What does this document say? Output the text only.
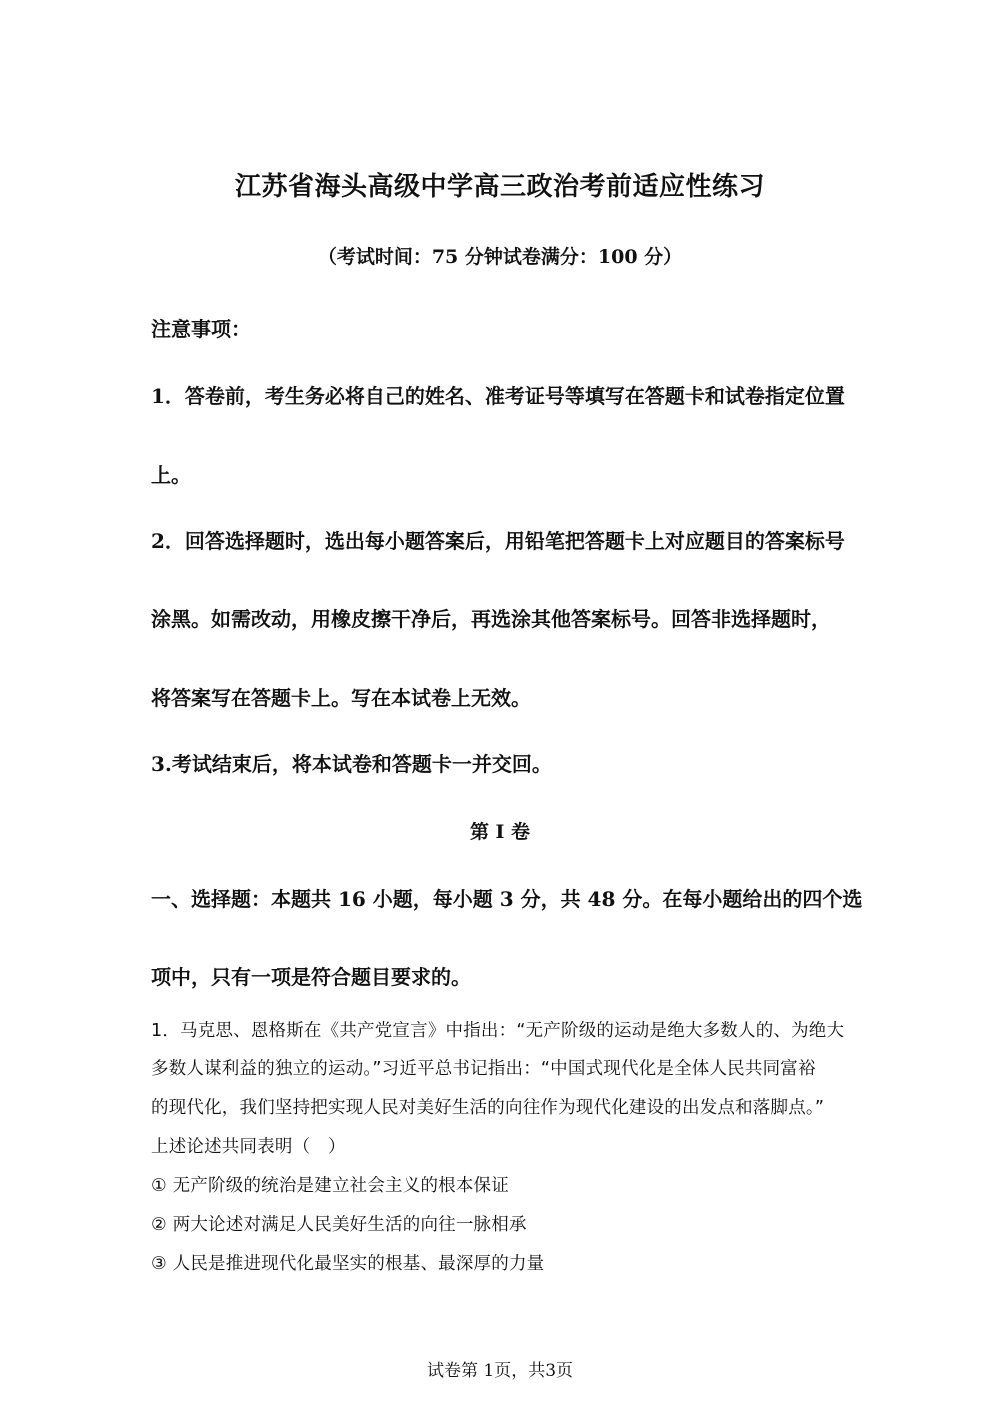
江苏省海头高级中学高三政治考前适应性练习
（考试时间：75 分钟试卷满分：100 分）
注意事项：
1．答卷前，考生务必将自己的姓名、准考证号等填写在答题卡和试卷指定位置
上。
2．回答选择题时，选出每小题答案后，用铅笔把答题卡上对应题目的答案标号
涂黑。如需改动，用橡皮擦干净后，再选涂其他答案标号。回答非选择题时，
将答案写在答题卡上。写在本试卷上无效。
3.考试结束后，将本试卷和答题卡一并交回。
第 I 卷
一、选择题：本题共 16 小题，每小题 3 分，共 48 分。在每小题给出的四个选
项中，只有一项是符合题目要求的。
1．马克思、恩格斯在《共产党宣言》中指出：“无产阶级的运动是绝大多数人的、为绝大
多数人谋利益的独立的运动。”习近平总书记指出：“中国式现代化是全体人民共同富裕
的现代化，我们坚持把实现人民对美好生活的向往作为现代化建设的出发点和落脚点。”
上述论述共同表明（　）
① 无产阶级的统治是建立社会主义的根本保证
② 两大论述对满足人民美好生活的向往一脉相承
③ 人民是推进现代化最坚实的根基、最深厚的力量
试卷第 1页，共3页
